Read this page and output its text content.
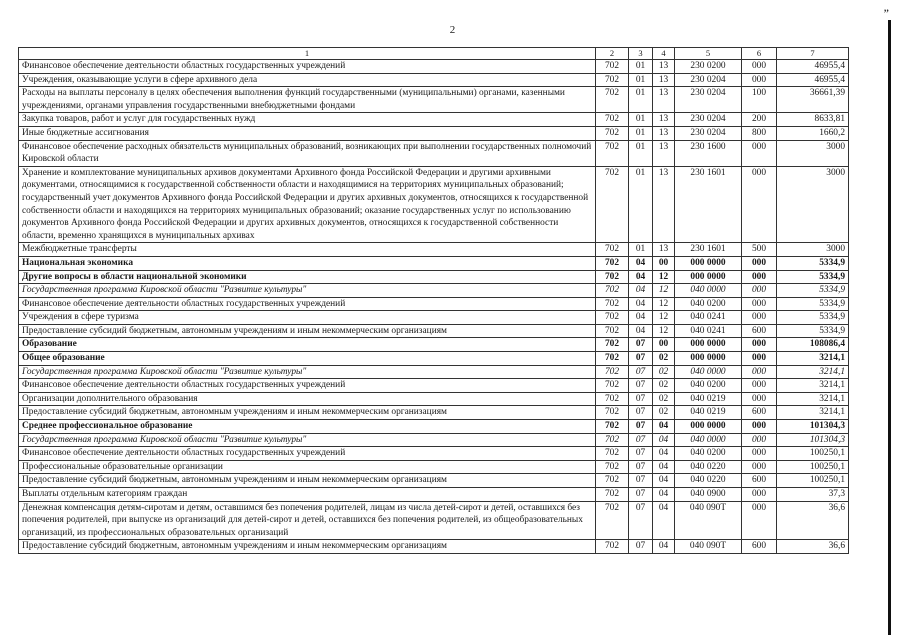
2
”
1	2	3	4	5	6	7
Финансовое обеспечение деятельности областных государственных учреждений	702	01	13	230 0200	000	46955,4
Учреждения, оказывающие услуги в сфере архивного дела	702	01	13	230 0204	000	46955,4
Расходы на выплаты персоналу в целях обеспечения выполнения функций государственными (муниципальными) органами, казенными учреждениями, органами управления государственными внебюджетными фондами	702	01	13	230 0204	100	36661,39
Закупка товаров, работ и услуг для государственных нужд	702	01	13	230 0204	200	8633,81
Иные бюджетные ассигнования	702	01	13	230 0204	800	1660,2
Финансовое обеспечение расходных обязательств муниципальных образований, возникающих при выполнении государственных полномочий Кировской области	702	01	13	230 1600	000	3000
Хранение и комплектование муниципальных архивов документами Архивного фонда Российской Федерации и другими архивными документами, относящимися к государственной собственности области и находящимися на территориях муниципальных образований; государственный учет документов Архивного фонда Российской Федерации и других архивных документов, относящихся к государственной собственности области и находящихся на территориях муниципальных образований; оказание государственных услуг по использованию документов Архивного фонда Российской Федерации и других архивных документов, относящихся к государственной собственности области, временно хранящихся в муниципальных архивах	702	01	13	230 1601	000	3000
Межбюджетные трансферты	702	01	13	230 1601	500	3000
Национальная экономика	702	04	00	000 0000	000	5334,9
Другие вопросы в области национальной экономики	702	04	12	000 0000	000	5334,9
Государственная программа Кировской области "Развитие культуры"	702	04	12	040 0000	000	5334,9
Финансовое обеспечение деятельности областных государственных учреждений	702	04	12	040 0200	000	5334,9
Учреждения в сфере туризма	702	04	12	040 0241	000	5334,9
Предоставление субсидий бюджетным, автономным учреждениям и иным некоммерческим организациям	702	04	12	040 0241	600	5334,9
Образование	702	07	00	000 0000	000	108086,4
Общее образование	702	07	02	000 0000	000	3214,1
Государственная программа Кировской области "Развитие культуры"	702	07	02	040 0000	000	3214,1
Финансовое обеспечение деятельности областных государственных учреждений	702	07	02	040 0200	000	3214,1
Организации дополнительного образования	702	07	02	040 0219	000	3214,1
Предоставление субсидий бюджетным, автономным учреждениям и иным некоммерческим организациям	702	07	02	040 0219	600	3214,1
Среднее профессиональное образование	702	07	04	000 0000	000	101304,3
Государственная программа Кировской области "Развитие культуры"	702	07	04	040 0000	000	101304,3
Финансовое обеспечение деятельности областных государственных учреждений	702	07	04	040 0200	000	100250,1
Профессиональные образовательные организации	702	07	04	040 0220	000	100250,1
Предоставление субсидий бюджетным, автономным учреждениям и иным некоммерческим организациям	702	07	04	040 0220	600	100250,1
Выплаты отдельным категориям граждан	702	07	04	040 0900	000	37,3
Денежная компенсация детям-сиротам и детям, оставшимся без попечения родителей, лицам из числа детей-сирот и детей, оставшихся без попечения родителей, при выпуске из организаций для детей-сирот и детей, оставшихся без попечения родителей, из общеобразовательных организаций, из профессиональных образовательных организаций	702	07	04	040 090Т	000	36,6
Предоставление субсидий бюджетным, автономным учреждениям и иным некоммерческим организациям	702	07	04	040 090Т	600	36,6
